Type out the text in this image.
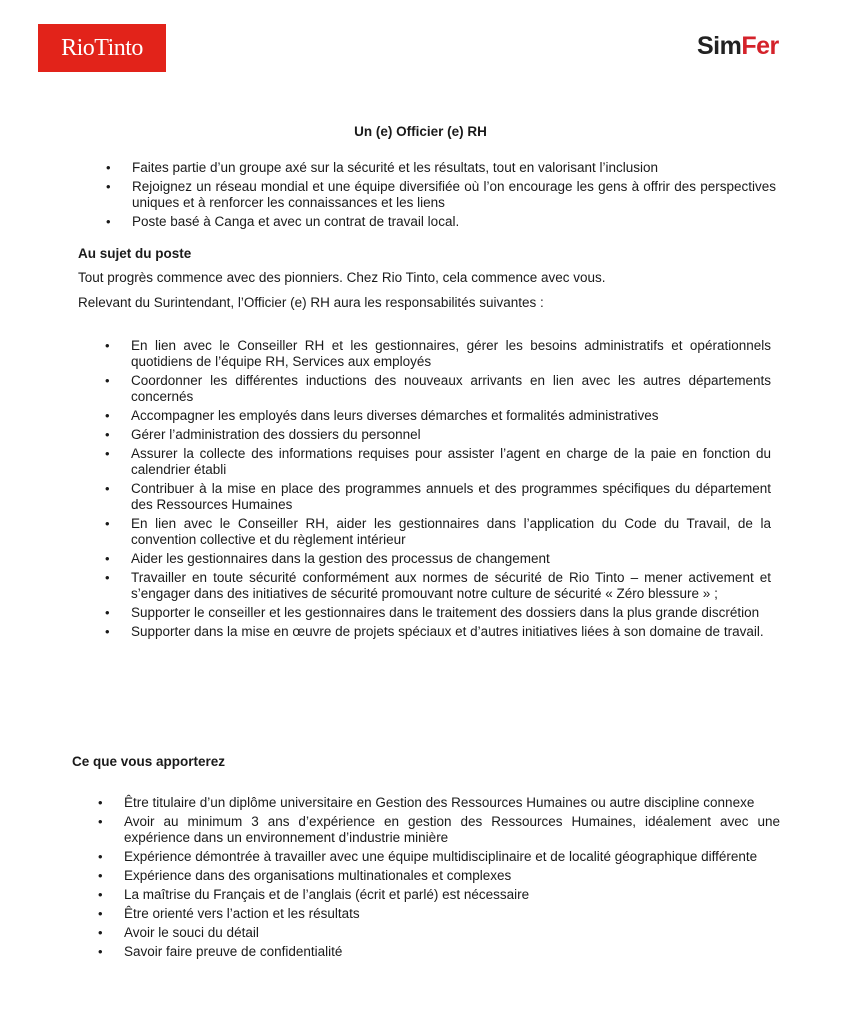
RioTinto	SimFer
Un (e) Officier (e) RH
• Faites partie d’un groupe axé sur la sécurité et les résultats, tout en valorisant l’inclusion
• Rejoignez un réseau mondial et une équipe diversifiée où l’on encourage les gens à offrir des perspectives uniques et à renforcer les connaissances et les liens
• Poste basé à Canga et avec un contrat de travail local.
Au sujet du poste
Tout progrès commence avec des pionniers. Chez Rio Tinto, cela commence avec vous.
Relevant du Surintendant, l’Officier (e) RH aura les responsabilités suivantes :
• En lien avec le Conseiller RH et les gestionnaires, gérer les besoins administratifs et opérationnels quotidiens de l’équipe RH, Services aux employés
• Coordonner les différentes inductions des nouveaux arrivants en lien avec les autres départements concernés
• Accompagner les employés dans leurs diverses démarches et formalités administratives
• Gérer l’administration des dossiers du personnel
• Assurer la collecte des informations requises pour assister l’agent en charge de la paie en fonction du calendrier établi
• Contribuer à la mise en place des programmes annuels et des programmes spécifiques du département des Ressources Humaines
• En lien avec le Conseiller RH, aider les gestionnaires dans l’application du Code du Travail, de la convention collective et du règlement intérieur
• Aider les gestionnaires dans la gestion des processus de changement
• Travailler en toute sécurité conformément aux normes de sécurité de Rio Tinto – mener activement et s’engager dans des initiatives de sécurité promouvant notre culture de sécurité « Zéro blessure » ;
• Supporter le conseiller et les gestionnaires dans le traitement des dossiers dans la plus grande discrétion
• Supporter dans la mise en œuvre de projets spéciaux et d’autres initiatives liées à son domaine de travail.
Ce que vous apporterez
• Être titulaire d’un diplôme universitaire en Gestion des Ressources Humaines ou autre discipline connexe
• Avoir au minimum 3 ans d’expérience en gestion des Ressources Humaines, idéalement avec une expérience dans un environnement d’industrie minière
• Expérience démontrée à travailler avec une équipe multidisciplinaire et de localité géographique différente
• Expérience dans des organisations multinationales et complexes
• La maîtrise du Français et de l’anglais (écrit et parlé) est nécessaire
• Être orienté vers l’action et les résultats
• Avoir le souci du détail
• Savoir faire preuve de confidentialité
